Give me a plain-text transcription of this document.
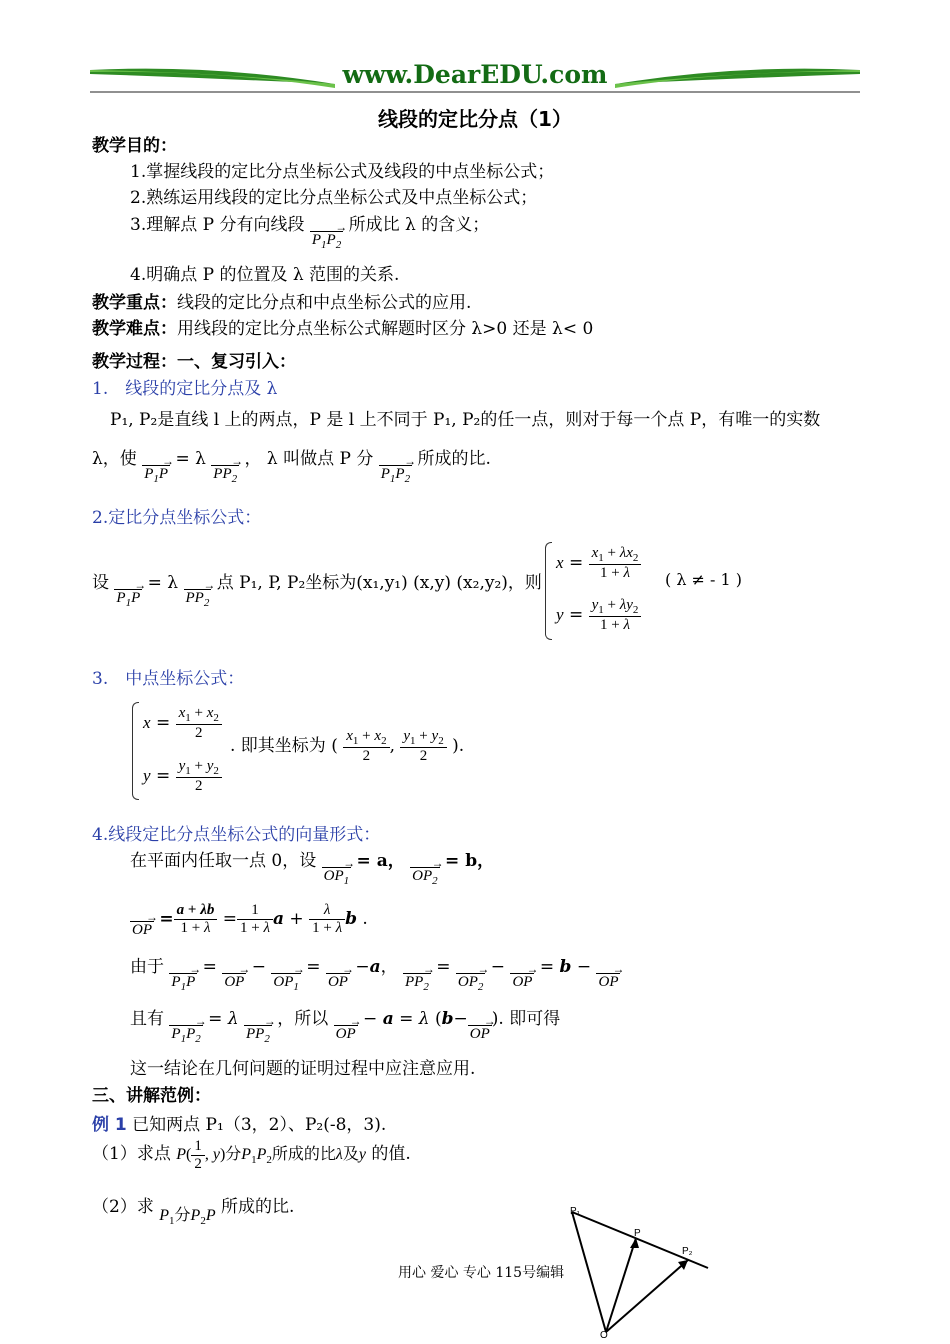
www.DearEDU.com
线段的定比分点（1）
教学目的：
1.掌握线段的定比分点坐标公式及线段的中点坐标公式；
2.熟练运用线段的定比分点坐标公式及中点坐标公式；
3.理解点 P 分有向线段 → $P_1P_2$ 所成比 λ 的含义；
4.明确点 P 的位置及 λ 范围的关系.
教学重点：线段的定比分点和中点坐标公式的应用.
教学难点：用线段的定比分点坐标公式解题时区分 λ>0 还是 λ< 0
教学过程：一、复习引入：
1.　线段的定比分点及 λ
P₁, P₂是直线 l 上的两点，P 是 l 上不同于 P₁, P₂的任一点，则对于每一个点 P，有唯一的实数
λ，使 → $P_1P = \lambda \to PP_2$ ， λ 叫做点 P 分 → $P_1P_2$ 所成的比.
2.定比分点坐标公式：
设 → $P_1P = \lambda \to PP_2$ 点 P₁, P, P₂坐标为(x₁,y₁) (x,y) (x₂,y₂)，则
$x = \frac{x_1 + \lambda x_2}{1 + \lambda}$
$y = \frac{y_1 + \lambda y_2}{1 + \lambda}$
( λ ≠ - 1 )
3.　中点坐标公式：
$x = \frac{x_1 + x_2}{2}$
$y = \frac{y_1 + y_2}{2}$
. 即其坐标为 ( $\frac{x_1 + x_2}{2}$ , $\frac{y_1 + y_2}{2}$ ).
4.线段定比分点坐标公式的向量形式：
在平面内任取一点 0，设 → $OP_1 = a$， → $OP_2 = b$，
→ OP = $\frac{a + \lambda b}{1 + \lambda} = \frac{1}{1 + \lambda}$ $a + \frac{\lambda}{1 + \lambda}$ b .
由于 → $P_1P$ = → OP − → $OP_1$ = → OP −a， → $PP_2$ = → $OP_2$ − → OP = b − → OP
且有 → $P_1P_2 = \lambda \to PP_2$ ，所以 → OP − a = λ (b−→ OP). 即可得
这一结论在几何问题的证明过程中应注意应用.
三、讲解范例：
例 1 已知两点 P₁（3，2）、P₂(-8，3).
（1）求点 $P( \frac{1}{2}$ , y)分$P_1P_2$所成的比λ及y 的值.
（2）求 $P_1$分$P_2P$ 所成的比.
用心 爱心 专心 115号编辑
P₁
P
P₂
O
